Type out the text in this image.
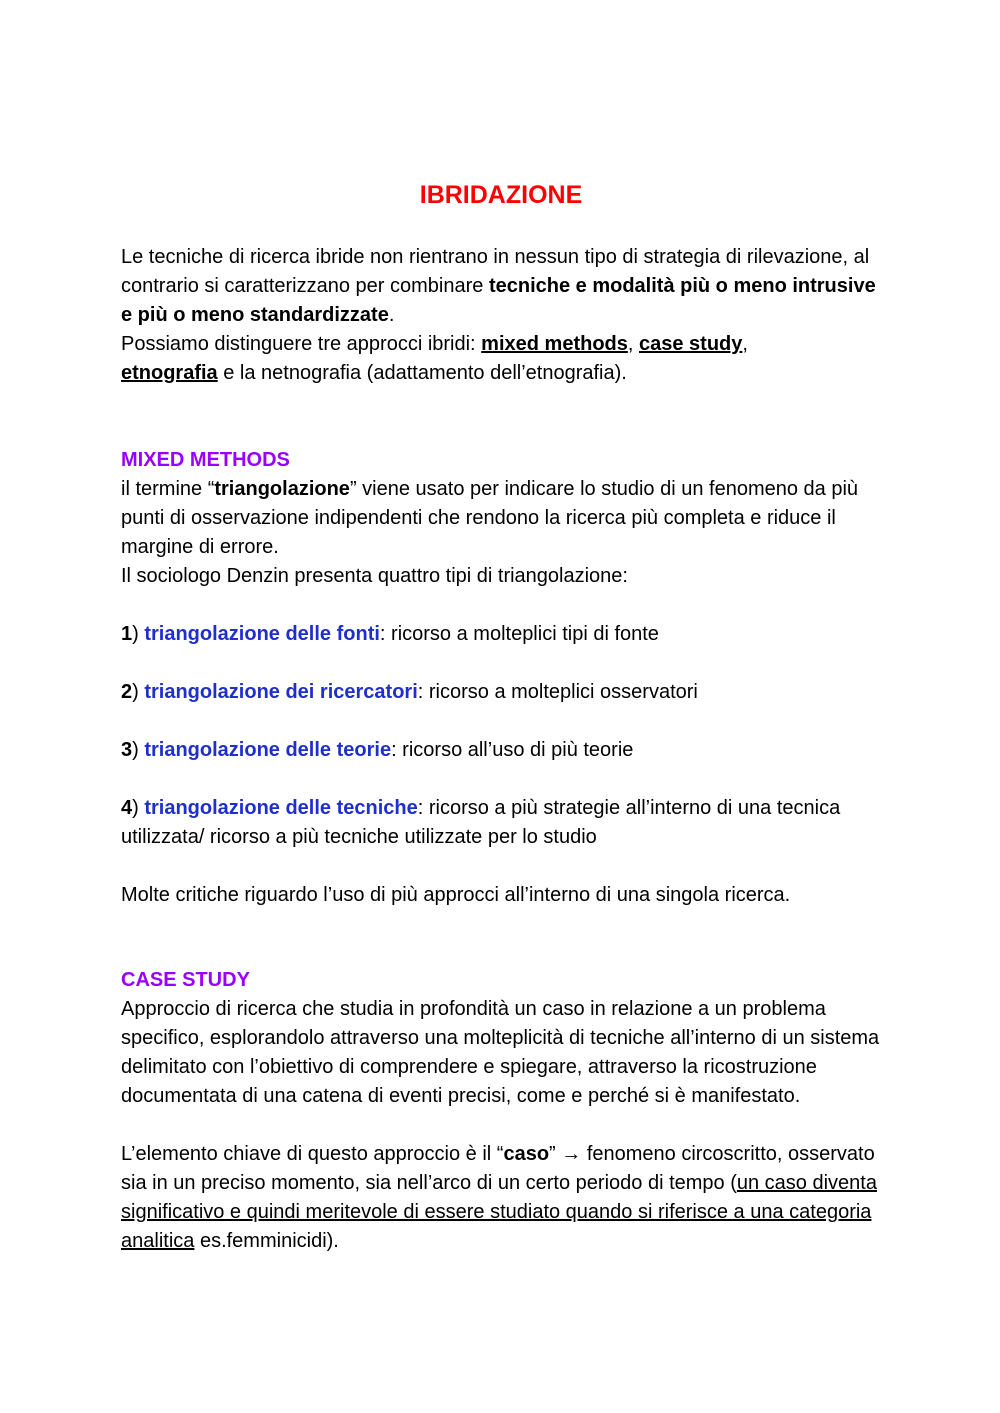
IBRIDAZIONE

Le tecniche di ricerca ibride non rientrano in nessun tipo di strategia di rilevazione, al contrario si caratterizzano per combinare tecniche e modalità più o meno intrusive e più o meno standardizzate.

Possiamo distinguere tre approcci ibridi: mixed methods, case study,
etnografia e la netnografia (adattamento dell’etnografia).

MIXED METHODS

il termine “triangolazione” viene usato per indicare lo studio di un fenomeno da più punti di osservazione indipendenti che rendono la ricerca più completa e riduce il margine di errore.

Il sociologo Denzin presenta quattro tipi di triangolazione:

1) triangolazione delle fonti: ricorso a molteplici tipi di fonte

2) triangolazione dei ricercatori: ricorso a molteplici osservatori

3) triangolazione delle teorie: ricorso all’uso di più teorie

4) triangolazione delle tecniche: ricorso a più strategie all’interno di una tecnica utilizzata/ ricorso a più tecniche utilizzate per lo studio

Molte critiche riguardo l’uso di più approcci all’interno di una singola ricerca.

CASE STUDY

Approccio di ricerca che studia in profondità un caso in relazione a un problema specifico, esplorandolo attraverso una molteplicità di tecniche all’interno di un sistema delimitato con l’obiettivo di comprendere e spiegare, attraverso la ricostruzione documentata di una catena di eventi precisi, come e perché si è manifestato.

L’elemento chiave di questo approccio è il “caso” → fenomeno circoscritto, osservato sia in un preciso momento, sia nell’arco di un certo periodo di tempo (un caso diventa significativo e quindi meritevole di essere studiato quando si riferisce a una categoria analitica es.femminicidi).
